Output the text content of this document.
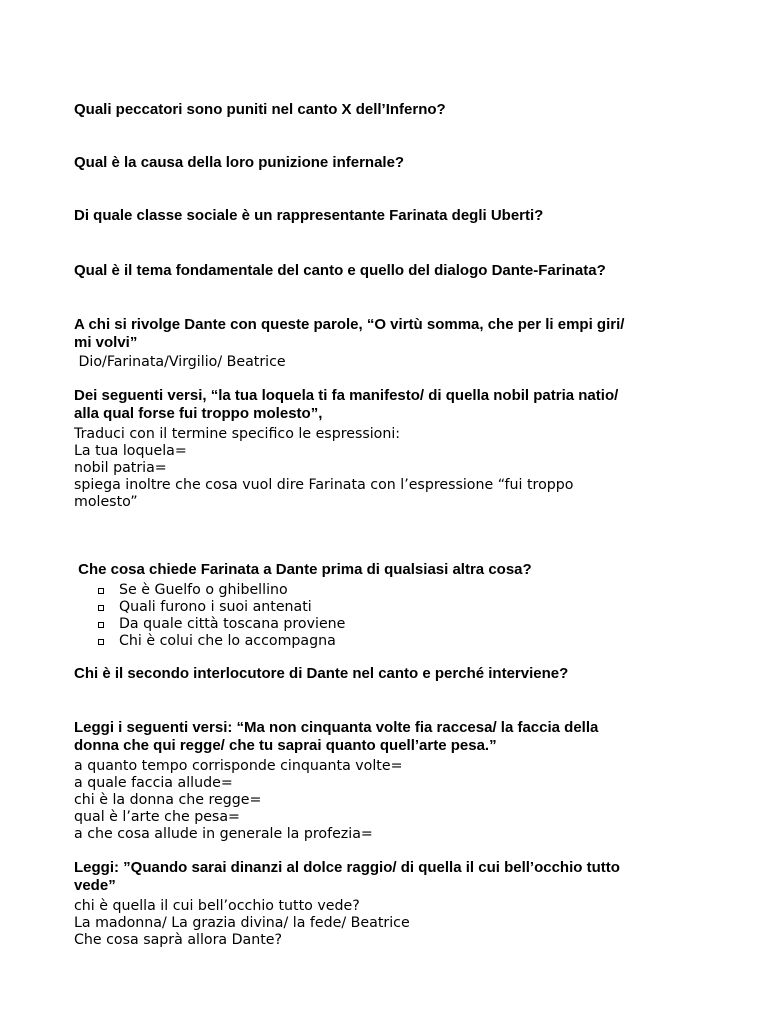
Quali peccatori sono puniti nel canto X dell’Inferno?

Qual è la causa della loro punizione infernale?

Di quale classe sociale è un rappresentante Farinata degli Uberti?

Qual è il tema fondamentale del canto e quello del dialogo Dante-Farinata?

A chi si rivolge Dante con queste parole, “O virtù somma, che per li empi giri/
mi volvi”

Dio/Farinata/Virgilio/ Beatrice

Dei seguenti versi, “la tua loquela ti fa manifesto/ di quella nobil patria natio/
alla qual forse fui troppo molesto”,

Traduci con il termine specifico le espressioni:
La tua loquela=
nobil patria=
spiega inoltre che cosa vuol dire Farinata con l’espressione “fui troppo
molesto”

Che cosa chiede Farinata a Dante prima di qualsiasi altra cosa?

Se è Guelfo o ghibellino
Quali furono i suoi antenati
Da quale città toscana proviene
Chi è colui che lo accompagna

Chi è il secondo interlocutore di Dante nel canto e perché interviene?

Leggi i seguenti versi: “Ma non cinquanta volte fia raccesa/ la faccia della
donna che qui regge/ che tu saprai quanto quell’arte pesa.”

a quanto tempo corrisponde cinquanta volte=
a quale faccia allude=
chi è la donna che regge=
qual è l’arte che pesa=
a che cosa allude in generale la profezia=

Leggi: ”Quando sarai dinanzi al dolce raggio/ di quella il cui bell’occhio tutto
vede”

chi è quella il cui bell’occhio tutto vede?
La madonna/ La grazia divina/ la fede/ Beatrice
Che cosa saprà allora Dante?
